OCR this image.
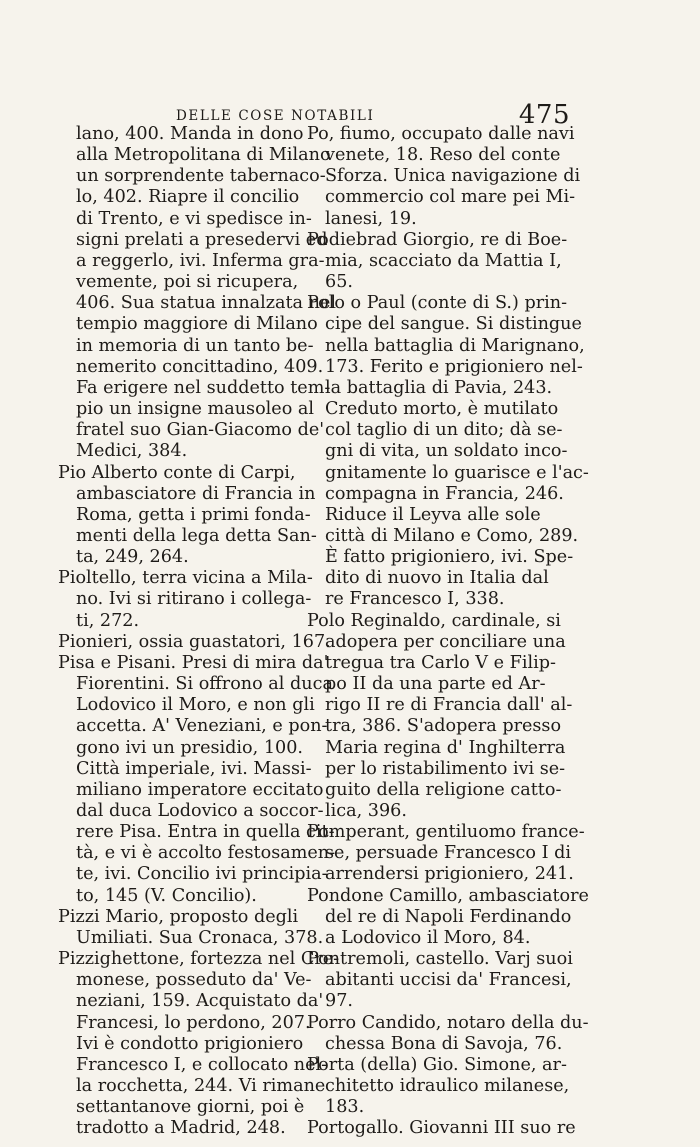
DELLE COSE NOTABILI	475
lano, 400. Manda in dono
alla Metropolitana di Milano
un sorprendente tabernaco-
lo, 402. Riapre il concilio
di Trento, e vi spedisce in-
signi prelati a presedervi ed
a reggerlo, ivi. Inferma gra-
vemente, poi si ricupera,
406. Sua statua innalzata nel
tempio maggiore di Milano
in memoria di un tanto be-
nemerito concittadino, 409.
Fa erigere nel suddetto tem-
pio un insigne mausoleo al
fratel suo Gian-Giacomo de'
Medici, 384.
Pio Alberto conte di Carpi,
ambasciatore di Francia in
Roma, getta i primi fonda-
menti della lega detta San-
ta, 249, 264.
Pioltello, terra vicina a Mila-
no. Ivi si ritirano i collega-
ti, 272.
Pionieri, ossia guastatori, 167.
Pisa e Pisani. Presi di mira da'
Fiorentini. Si offrono al duca
Lodovico il Moro, e non gli
accetta. A' Veneziani, e pon-
gono ivi un presidio, 100.
Città imperiale, ivi. Massi-
miliano imperatore eccitato
dal duca Lodovico a soccor-
rere Pisa. Entra in quella cit-
tà, e vi è accolto festosamen-
te, ivi. Concilio ivi principia-
to, 145 (V. Concilio).
Pizzi Mario, proposto degli
Umiliati. Sua Cronaca, 378.
Pizzighettone, fortezza nel Cre-
monese, posseduto da' Ve-
neziani, 159. Acquistato da'
Francesi, lo perdono, 207.
Ivi è condotto prigioniero
Francesco I, e collocato nel-
la rocchetta, 244. Vi rimane
settantanove giorni, poi è
tradotto a Madrid, 248.
Po, fiumo, occupato dalle navi
venete, 18. Reso del conte
Sforza. Unica navigazione di
commercio col mare pei Mi-
lanesi, 19.
Podiebrad Giorgio, re di Boe-
mia, scacciato da Mattia I,
65.
Polo o Paul (conte di S.) prin-
cipe del sangue. Si distingue
nella battaglia di Marignano,
173. Ferito e prigioniero nel-
la battaglia di Pavia, 243.
Creduto morto, è mutilato
col taglio di un dito; dà se-
gni di vita, un soldato inco-
gnitamente lo guarisce e l'ac-
compagna in Francia, 246.
Riduce il Leyva alle sole
città di Milano e Como, 289.
È fatto prigioniero, ivi. Spe-
dito di nuovo in Italia dal
re Francesco I, 338.
Polo Reginaldo, cardinale, si
adopera per conciliare una
tregua tra Carlo V e Filip-
po II da una parte ed Ar-
rigo II re di Francia dall' al-
tra, 386. S'adopera presso
Maria regina d' Inghilterra
per lo ristabilimento ivi se-
guito della religione catto-
lica, 396.
Pomperant, gentiluomo france-
se, persuade Francesco I di
arrendersi prigioniero, 241.
Pondone Camillo, ambasciatore
del re di Napoli Ferdinando
a Lodovico il Moro, 84.
Pontremoli, castello. Varj suoi
abitanti uccisi da' Francesi,
97.
Porro Candido, notaro della du-
chessa Bona di Savoja, 76.
Porta (della) Gio. Simone, ar-
chitetto idraulico milanese,
183.
Portogallo. Giovanni III suo re
